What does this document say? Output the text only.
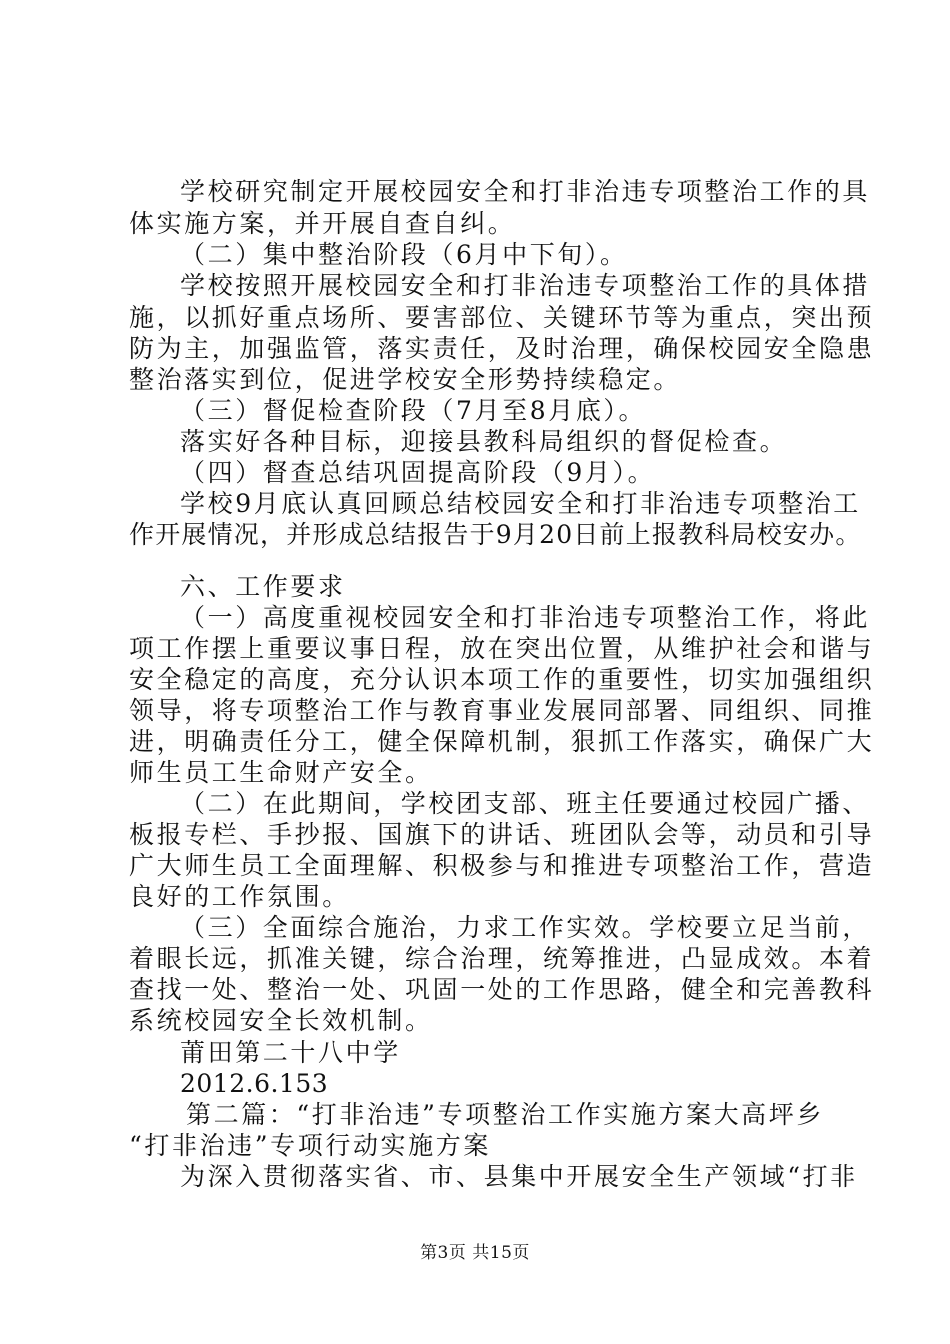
学校研究制定开展校园安全和打非治违专项整治工作的具
体实施方案，并开展自查自纠。
（二）集中整治阶段（6月中下旬）。
学校按照开展校园安全和打非治违专项整治工作的具体措
施，以抓好重点场所、要害部位、关键环节等为重点，突出预
防为主，加强监管，落实责任，及时治理，确保校园安全隐患
整治落实到位，促进学校安全形势持续稳定。
（三）督促检查阶段（7月至8月底）。
落实好各种目标，迎接县教科局组织的督促检查。
（四）督查总结巩固提高阶段（9月）。
学校9月底认真回顾总结校园安全和打非治违专项整治工
作开展情况，并形成总结报告于9月20日前上报教科局校安办。
六、工作要求
（一）高度重视校园安全和打非治违专项整治工作，将此
项工作摆上重要议事日程，放在突出位置，从维护社会和谐与
安全稳定的高度，充分认识本项工作的重要性，切实加强组织
领导，将专项整治工作与教育事业发展同部署、同组织、同推
进，明确责任分工，健全保障机制，狠抓工作落实，确保广大
师生员工生命财产安全。
（二）在此期间，学校团支部、班主任要通过校园广播、
板报专栏、手抄报、国旗下的讲话、班团队会等，动员和引导
广大师生员工全面理解、积极参与和推进专项整治工作，营造
良好的工作氛围。
（三）全面综合施治，力求工作实效。学校要立足当前，
着眼长远，抓准关键，综合治理，统筹推进，凸显成效。本着
查找一处、整治一处、巩固一处的工作思路，健全和完善教科
系统校园安全长效机制。
莆田第二十八中学
2012.6.153
第二篇：“打非治违”专项整治工作实施方案大高坪乡
“打非治违”专项行动实施方案
为深入贯彻落实省、市、县集中开展安全生产领域“打非
第3页 共15页
